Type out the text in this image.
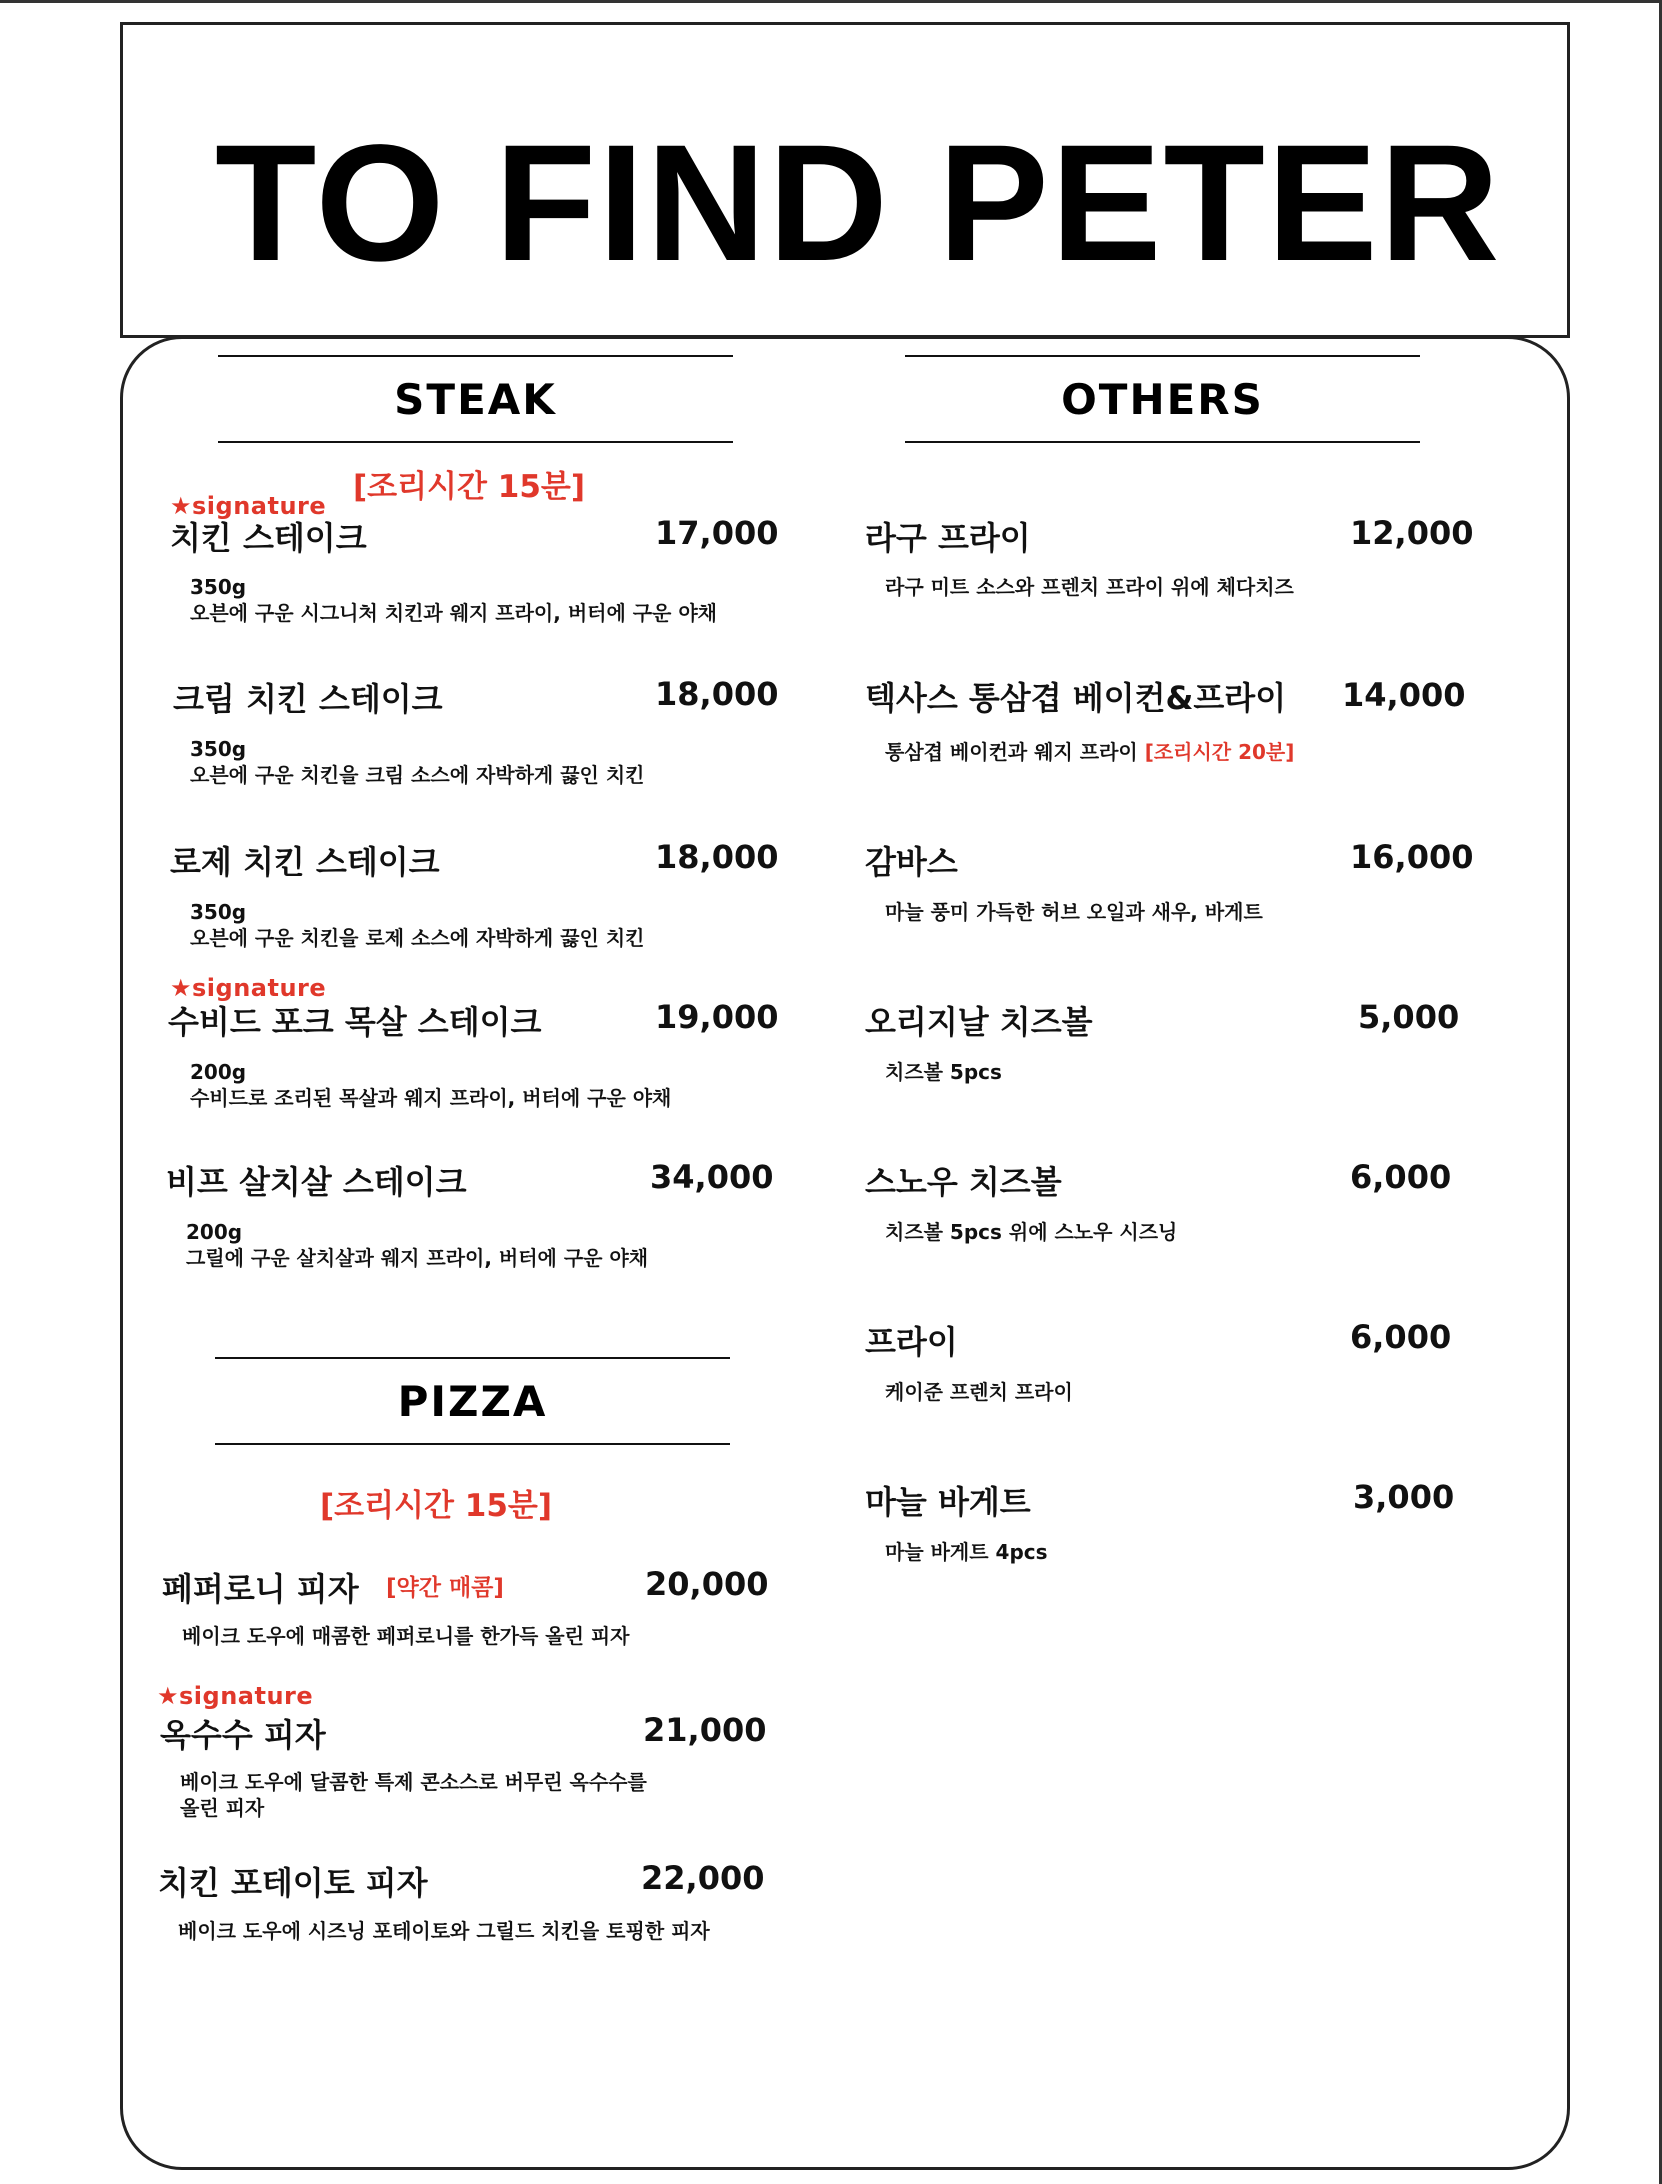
TO FIND PETER
STEAK
[조리시간 15분]
OTHERS
★signature
치킨 스테이크	17,000
350g
오븐에 구운 시그니처 치킨과 웨지 프라이, 버터에 구운 야채
크림 치킨 스테이크	18,000
350g
오븐에 구운 치킨을 크림 소스에 자박하게 끓인 치킨
로제 치킨 스테이크	18,000
350g
오븐에 구운 치킨을 로제 소스에 자박하게 끓인 치킨
★signature
수비드 포크 목살 스테이크	19,000
200g
수비드로 조리된 목살과 웨지 프라이, 버터에 구운 야채
비프 살치살 스테이크	34,000
200g
그릴에 구운 살치살과 웨지 프라이, 버터에 구운 야채
PIZZA
[조리시간 15분]
페퍼로니 피자 [약간 매콤]	20,000
베이크 도우에 매콤한 페퍼로니를 한가득 올린 피자
★signature
옥수수 피자	21,000
베이크 도우에 달콤한 특제 콘소스로 버무린 옥수수를
올린 피자
치킨 포테이토 피자	22,000
베이크 도우에 시즈닝 포테이토와 그릴드 치킨을 토핑한 피자
라구 프라이	12,000
라구 미트 소스와 프렌치 프라이 위에 체다치즈
텍사스 통삼겹 베이컨&프라이 14,000
통삼겹 베이컨과 웨지 프라이 [조리시간 20분]
감바스	16,000
마늘 풍미 가득한 허브 오일과 새우, 바게트
오리지날 치즈볼	5,000
치즈볼 5pcs
스노우 치즈볼	6,000
치즈볼 5pcs 위에 스노우 시즈닝
프라이	6,000
케이준 프렌치 프라이
마늘 바게트	3,000
마늘 바게트 4pcs
